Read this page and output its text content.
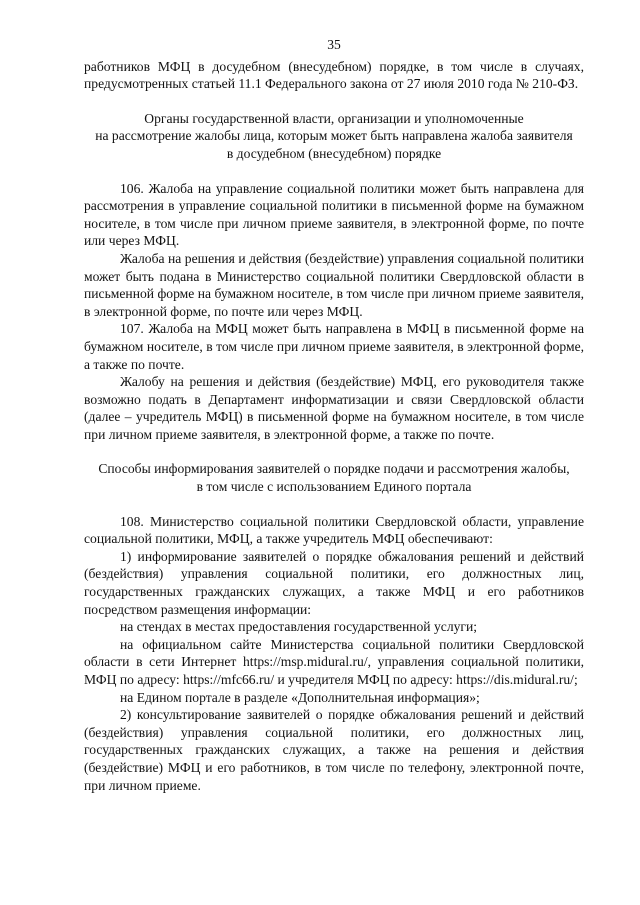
35

работников МФЦ в досудебном (внесудебном) порядке, в том числе в случаях, предусмотренных статьей 11.1 Федерального закона от 27 июля 2010 года № 210-ФЗ.

Органы государственной власти, организации и уполномоченные

на рассмотрение жалобы лица, которым может быть направлена жалоба заявителя

в досудебном (внесудебном) порядке

106. Жалоба на управление социальной политики может быть направлена для рассмотрения в управление социальной политики в письменной форме на бумажном носителе, в том числе при личном приеме заявителя, в электронной форме, по почте или через МФЦ.

Жалоба на решения и действия (бездействие) управления социальной политики может быть подана в Министерство социальной политики Свердловской области в письменной форме на бумажном носителе, в том числе при личном приеме заявителя, в электронной форме, по почте или через МФЦ.

107. Жалоба на МФЦ может быть направлена в МФЦ в письменной форме на бумажном носителе, в том числе при личном приеме заявителя, в электронной форме, а также по почте.

Жалобу на решения и действия (бездействие) МФЦ, его руководителя также возможно подать в Департамент информатизации и связи Свердловской области (далее – учредитель МФЦ) в письменной форме на бумажном носителе, в том числе при личном приеме заявителя, в электронной форме, а также по почте.

Способы информирования заявителей о порядке подачи и рассмотрения жалобы,

в том числе с использованием Единого портала

108. Министерство социальной политики Свердловской области, управление социальной политики, МФЦ, а также учредитель МФЦ обеспечивают:

1) информирование заявителей о порядке обжалования решений и действий (бездействия) управления социальной политики, его должностных лиц, государственных гражданских служащих, а также МФЦ и его работников посредством размещения информации:

на стендах в местах предоставления государственной услуги;

на официальном сайте Министерства социальной политики Свердловской области в сети Интернет https://msp.midural.ru/, управления социальной политики, МФЦ по адресу: https://mfc66.ru/ и учредителя МФЦ по адресу: https://dis.midural.ru/;

на Едином портале в разделе «Дополнительная информация»;

2) консультирование заявителей о порядке обжалования решений и действий (бездействия) управления социальной политики, его должностных лиц, государственных гражданских служащих, а также на решения и действия (бездействие) МФЦ и его работников, в том числе по телефону, электронной почте, при личном приеме.
